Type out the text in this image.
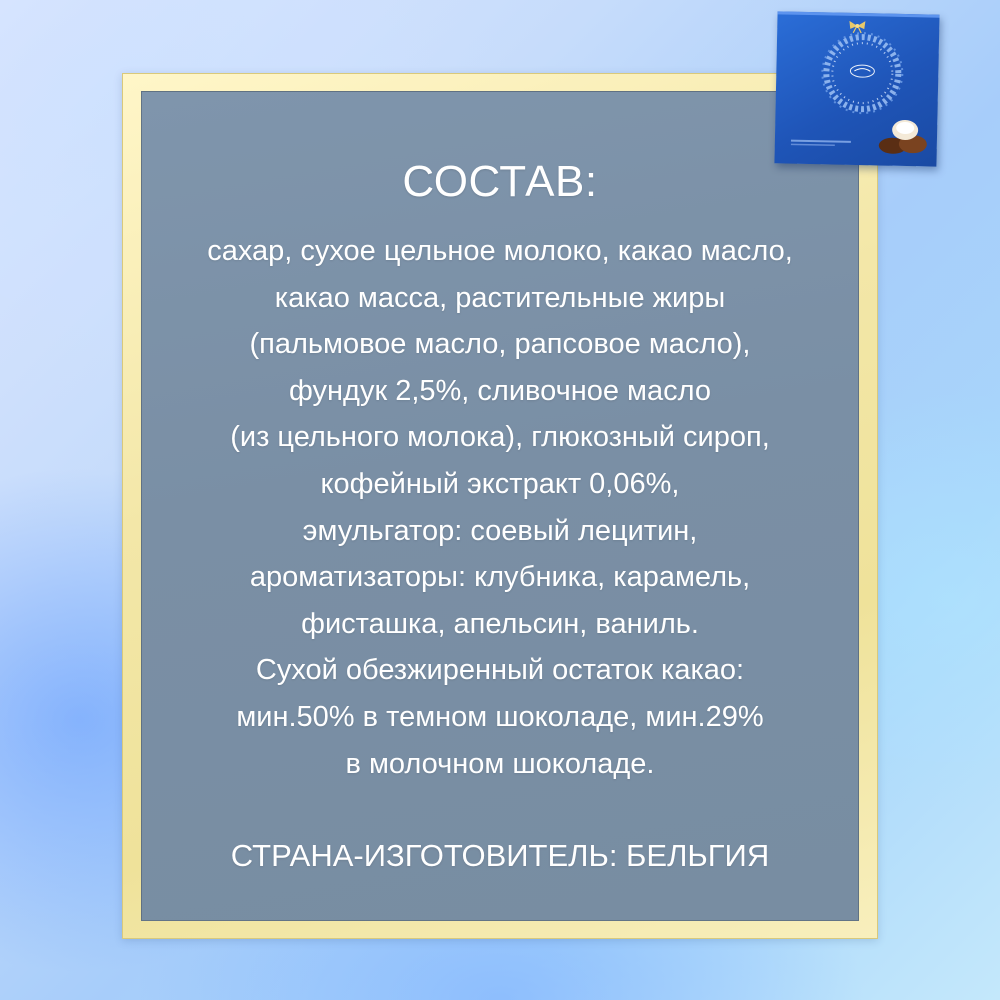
СОСТАВ:
сахар, сухое цельное молоко, какао масло,
какао масса, растительные жиры
(пальмовое масло, рапсовое масло),
фундук 2,5%, сливочное масло
(из цельного молока), глюкозный сироп,
кофейный экстракт 0,06%,
эмульгатор: соевый лецитин,
ароматизаторы: клубника, карамель,
фисташка, апельсин, ваниль.
Сухой обезжиренный остаток какао:
мин.50% в темном шоколаде, мин.29%
в молочном шоколаде.
СТРАНА-ИЗГОТОВИТЕЛЬ: БЕЛЬГИЯ
